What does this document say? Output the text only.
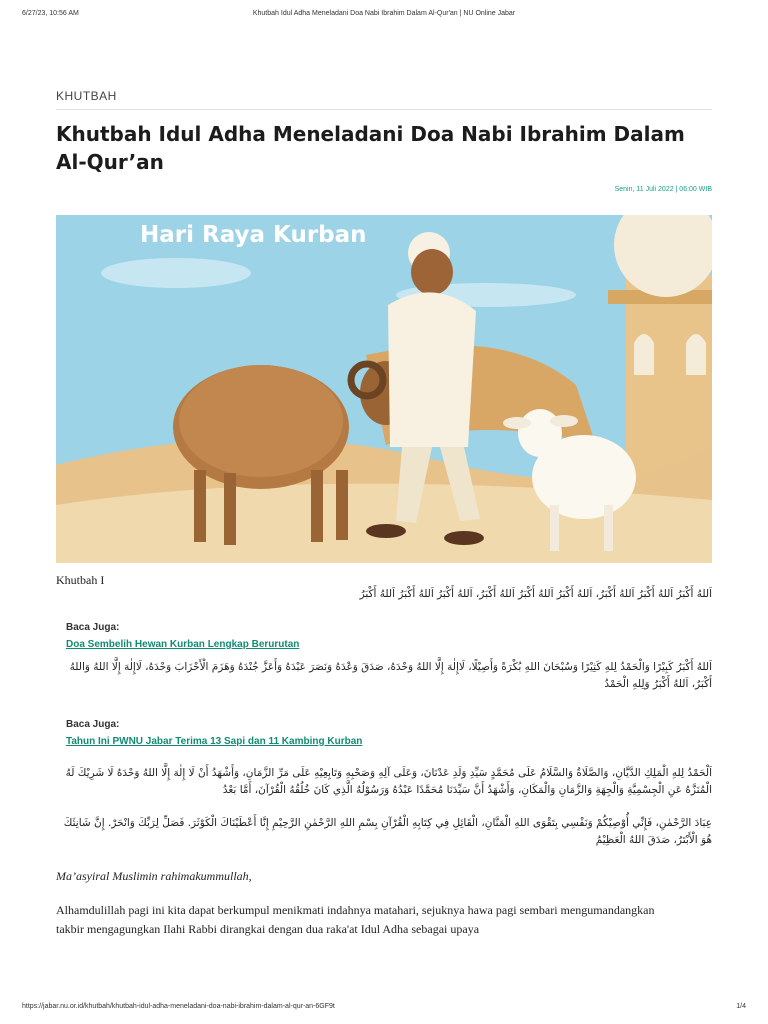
6/27/23, 10:56 AM	Khutbah Idul Adha Meneladani Doa Nabi Ibrahim Dalam Al-Qur'an | NU Online Jabar
KHUTBAH
Khutbah Idul Adha Meneladani Doa Nabi Ibrahim Dalam Al-Qur’an
Senin, 11 Juli 2022 | 06:00 WIB
Hari Raya Kurban
Khutbah I
اَللهُ أَكْبَرُ اَللهُ أَكْبَرُ اَللهُ أَكْبَرُ، اَللهُ أَكْبَرُ اَللهُ أَكْبَرُ اَللهُ أَكْبَرُ، اَللهُ أَكْبَرُ اَللهُ أَكْبَرُ اَللهُ أَكْبَرُ
Baca Juga:
Doa Sembelih Hewan Kurban Lengkap Berurutan
اَللهُ أَكْبَرُ كَبِيْرًا وَالْحَمْدُ لِلهِ كَثِيْرًا وَسُبْحَانَ اللهِ بُكْرَةً وَأَصِيْلًا، لَاإِلٰهَ إِلَّا اللهُ وَحْدَهُ، صَدَقَ وَعْدَهُ وَنَصَرَ عَبْدَهُ وَأَعَزَّ جُنْدَهُ وَهَزَمَ الْأَحْزَابَ وَحْدَهُ، لَاإِلٰهَ إِلَّا اللهُ وَاللهُ أَكْبَرُ، اَللهُ أَكْبَرُ وَلِلهِ الْحَمْدُ
Baca Juga:
Tahun Ini PWNU Jabar Terima 13 Sapi dan 11 Kambing Kurban
اَلْحَمْدُ لِلهِ الْمَلِكِ الدَّيَّانِ، وَالصَّلَاةُ وَالسَّلَامُ عَلَى مُحَمَّدٍ سَيِّدِ وَلَدِ عَدْنَانَ، وَعَلَى آلِهِ وَصَحْبِهِ وَتَابِعِيْهِ عَلَى مَرِّ الزَّمَانِ، وَأَشْهَدُ أَنْ لَا إِلٰهَ إِلَّا اللهُ وَحْدَهُ لَا شَرِيْكَ لَهُ الْمُنَزَّهُ عَنِ الْجِسْمِيَّةِ وَالْجِهَةِ وَالزَّمَانِ وَالْمَكَانِ، وَأَشْهَدُ أَنَّ سَيِّدَنَا مُحَمَّدًا عَبْدُهُ وَرَسُوْلُهُ الَّذِي كَانَ خُلُقُهُ الْقُرْآنَ، أَمَّا بَعْدُ
عِبَادَ الرَّحْمٰنِ، فَإِنِّي أُوْصِيْكُمْ وَنَفْسِي بِتَقْوَى اللهِ الْمَنَّانِ، الْقَائِلِ فِي كِتَابِهِ الْقُرْآنِ بِسْمِ اللهِ الرَّحْمٰنِ الرَّحِيْمِ إِنَّا أَعْطَيْنَاكَ الْكَوْثَرَ. فَصَلِّ لِرَبِّكَ وَانْحَرْ. إِنَّ شَانِئَكَ هُوَ الْأَبْتَرُ، صَدَقَ اللهُ الْعَظِيْمُ
Ma’asyiral Muslimin rahimakummullah,
Alhamdulillah pagi ini kita dapat berkumpul menikmati indahnya matahari, sejuknya hawa pagi sembari mengumandangkan takbir mengagungkan Ilahi Rabbi dirangkai dengan dua raka'at Idul Adha sebagai upaya
https://jabar.nu.or.id/khutbah/khutbah-idul-adha-meneladani-doa-nabi-ibrahim-dalam-al-qur-an-6GF9t	1/4
